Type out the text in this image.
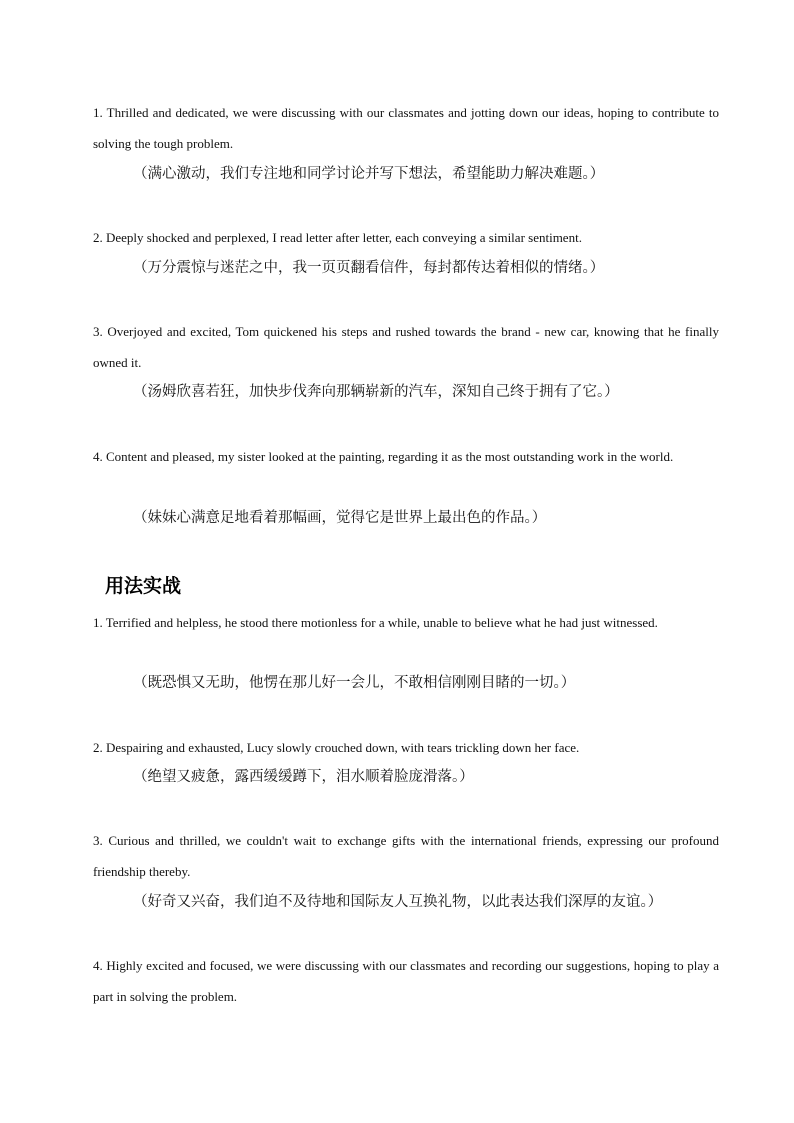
1. Thrilled and dedicated, we were discussing with our classmates and jotting down our ideas, hoping to contribute to solving the tough problem.

（满心激动，我们专注地和同学讨论并写下想法，希望能助力解决难题。）

2. Deeply shocked and perplexed, I read letter after letter, each conveying a similar sentiment.

（万分震惊与迷茫之中，我一页页翻看信件，每封都传达着相似的情绪。）

3. Overjoyed and excited, Tom quickened his steps and rushed towards the brand - new car, knowing that he finally owned it.

（汤姆欣喜若狂，加快步伐奔向那辆崭新的汽车，深知自己终于拥有了它。）

4. Content and pleased, my sister looked at the painting, regarding it as the most outstanding work in the world.

（妹妹心满意足地看着那幅画，觉得它是世界上最出色的作品。）

用法实战

1. Terrified and helpless, he stood there motionless for a while, unable to believe what he had just witnessed.

（既恐惧又无助，他愣在那儿好一会儿，不敢相信刚刚目睹的一切。）

2. Despairing and exhausted, Lucy slowly crouched down, with tears trickling down her face.

（绝望又疲惫，露西缓缓蹲下，泪水顺着脸庞滑落。）

3. Curious and thrilled, we couldn't wait to exchange gifts with the international friends, expressing our profound friendship thereby.

（好奇又兴奋，我们迫不及待地和国际友人互换礼物，以此表达我们深厚的友谊。）

4. Highly excited and focused, we were discussing with our classmates and recording our suggestions, hoping to play a part in solving the problem.
